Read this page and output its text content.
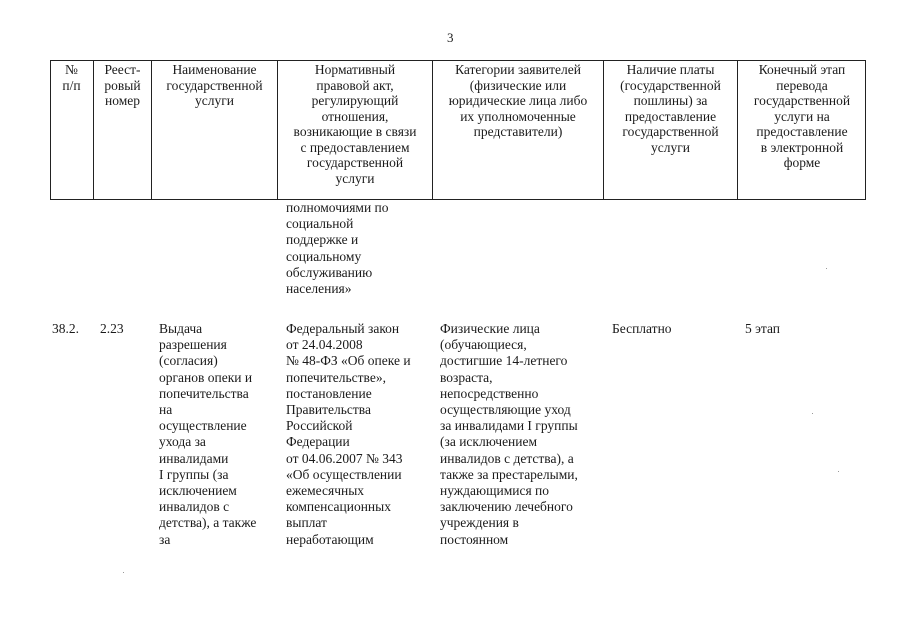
3
№
п/п
Реест-
ровый
номер
Наименование
государственной
услуги
Нормативный
правовой акт,
регулирующий
отношения,
возникающие в связи
с предоставлением
государственной
услуги
Категории заявителей
(физические или
юридические лица либо
их уполномоченные
представители)
Наличие платы
(государственной
пошлины) за
предоставление
государственной
услуги
Конечный этап
перевода
государственной
услуги на
предоставление
в электронной
форме
полномочиями по
социальной
поддержке и
социальному
обслуживанию
населения»
38.2. 2.23	Выдача
разрешения
(согласия)
органов опеки и
попечительства
на
осуществление
ухода за
инвалидами
I группы (за
исключением
инвалидов с
детства), а также
за
Федеральный закон
от 24.04.2008
№ 48-ФЗ «Об опеке и
попечительстве»,
постановление
Правительства
Российской
Федерации
от 04.06.2007 № 343
«Об осуществлении
ежемесячных
компенсационных
выплат
неработающим
Физические лица
(обучающиеся,
достигшие 14-летнего
возраста,
непосредственно
осуществляющие уход
за инвалидами I группы
(за исключением
инвалидов с детства), а
также за престарелыми,
нуждающимися по
заключению лечебного
учреждения в
постоянном
Бесплатно	5 этап
